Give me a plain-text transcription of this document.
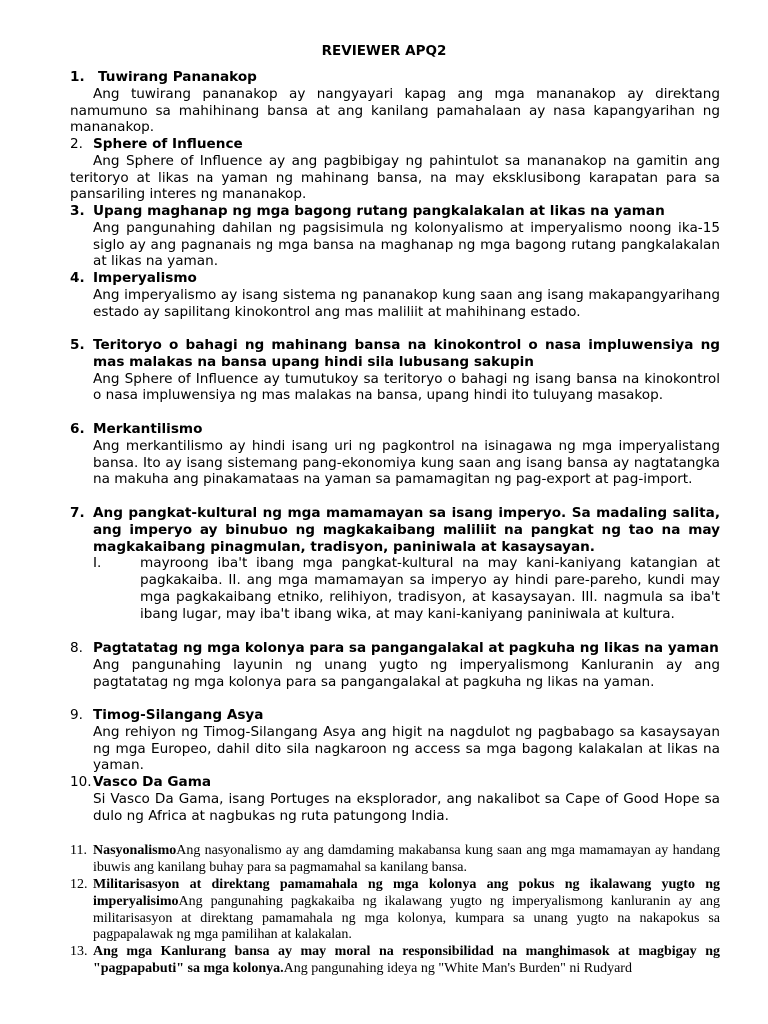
REVIEWER APQ2
1. Tuwirang Pananakop
Ang tuwirang pananakop ay nangyayari kapag ang mga mananakop ay direktang namumuno sa mahihinang bansa at ang kanilang pamahalaan ay nasa kapangyarihan ng mananakop.
2. Sphere of Influence
Ang Sphere of Influence ay ang pagbibigay ng pahintulot sa mananakop na gamitin ang teritoryo at likas na yaman ng mahinang bansa, na may eksklusibong karapatan para sa pansariling interes ng mananakop.
3. Upang maghanap ng mga bagong rutang pangkalakalan at likas na yaman
Ang pangunahing dahilan ng pagsisimula ng kolonyalismo at imperyalismo noong ika-15 siglo ay ang pagnanais ng mga bansa na maghanap ng mga bagong rutang pangkalakalan at likas na yaman.
4. Imperyalismo
Ang imperyalismo ay isang sistema ng pananakop kung saan ang isang makapangyarihang estado ay sapilitang kinokontrol ang mas maliliit at mahihinang estado.
5. Teritoryo o bahagi ng mahinang bansa na kinokontrol o nasa impluwensiya ng mas malakas na bansa upang hindi sila lubusang sakupin
Ang Sphere of Influence ay tumutukoy sa teritoryo o bahagi ng isang bansa na kinokontrol o nasa impluwensiya ng mas malakas na bansa, upang hindi ito tuluyang masakop.
6. Merkantilismo
Ang merkantilismo ay hindi isang uri ng pagkontrol na isinagawa ng mga imperyalistang bansa. Ito ay isang sistemang pang-ekonomiya kung saan ang isang bansa ay nagtatangka na makuha ang pinakamataas na yaman sa pamamagitan ng pag-export at pag-import.
7. Ang pangkat-kultural ng mga mamamayan sa isang imperyo. Sa madaling salita, ang imperyo ay binubuo ng magkakaibang maliliit na pangkat ng tao na may magkakaibang pinagmulan, tradisyon, paniniwala at kasaysayan.
I.	mayroong iba't ibang mga pangkat-kultural na may kani-kaniyang katangian at pagkakaiba. II. ang mga mamamayan sa imperyo ay hindi pare-pareho, kundi may mga pagkakaibang etniko, relihiyon, tradisyon, at kasaysayan. III. nagmula sa iba't ibang lugar, may iba't ibang wika, at may kani-kaniyang paniniwala at kultura.
8. Pagtatatag ng mga kolonya para sa pangangalakal at pagkuha ng likas na yaman
Ang pangunahing layunin ng unang yugto ng imperyalismong Kanluranin ay ang pagtatatag ng mga kolonya para sa pangangalakal at pagkuha ng likas na yaman.
9. Timog-Silangang Asya
Ang rehiyon ng Timog-Silangang Asya ang higit na nagdulot ng pagbabago sa kasaysayan ng mga Europeo, dahil dito sila nagkaroon ng access sa mga bagong kalakalan at likas na yaman.
10. Vasco Da Gama
Si Vasco Da Gama, isang Portuges na eksplorador, ang nakalibot sa Cape of Good Hope sa dulo ng Africa at nagbukas ng ruta patungong India.
11. NasyonalismoAng nasyonalismo ay ang damdaming makabansa kung saan ang mga mamamayan ay handang ibuwis ang kanilang buhay para sa pagmamahal sa kanilang bansa.
12. Militarisasyon at direktang pamamahala ng mga kolonya ang pokus ng ikalawang yugto ng imperyalisimoAng pangunahing pagkakaiba ng ikalawang yugto ng imperyalismong kanluranin ay ang militarisasyon at direktang pamamahala ng mga kolonya, kumpara sa unang yugto na nakapokus sa pagpapalawak ng mga pamilihan at kalakalan.
13. Ang mga Kanlurang bansa ay may moral na responsibilidad na manghimasok at magbigay ng "pagpapabuti" sa mga kolonya.Ang pangunahing ideya ng "White Man's Burden" ni Rudyard
